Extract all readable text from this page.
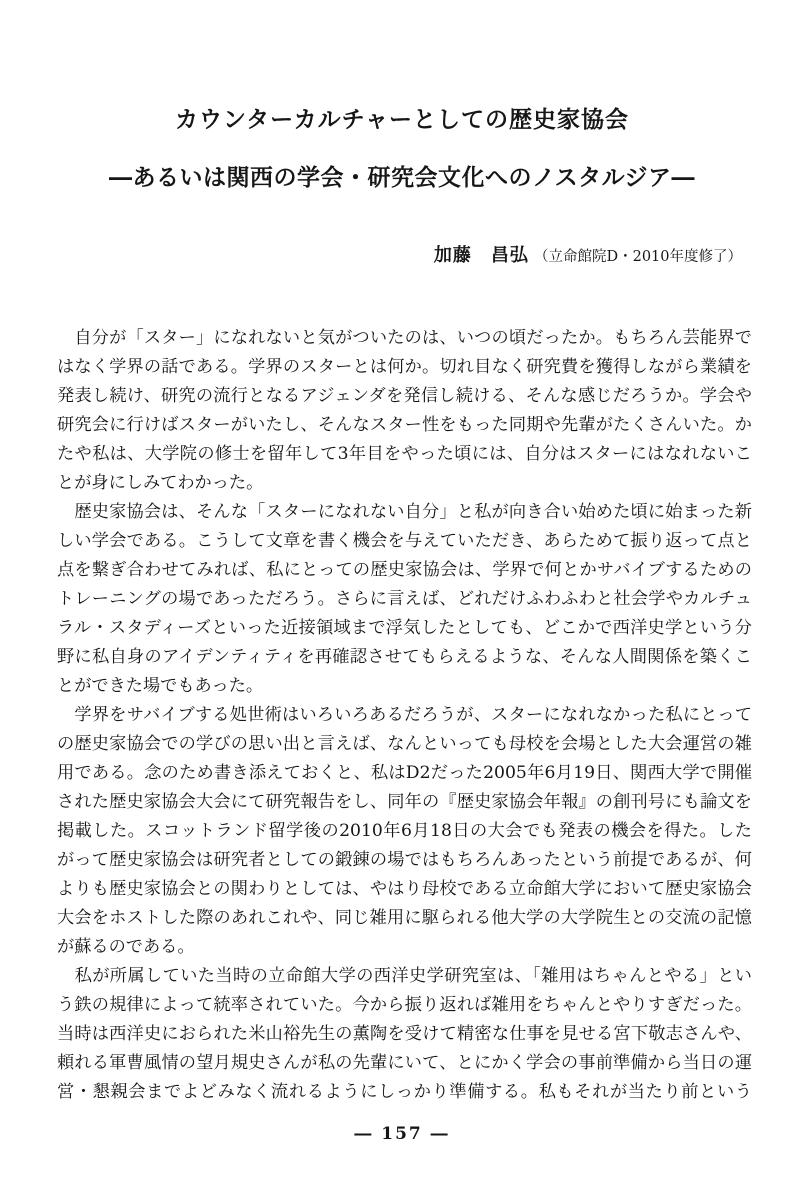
カウンターカルチャーとしての歴史家協会
―あるいは関西の学会・研究会文化へのノスタルジア―
加藤　昌弘 （立命館院D・2010年度修了）
　自分が「スター」になれないと気がついたのは、いつの頃だったか。もちろん芸能界で
はなく学界の話である。学界のスターとは何か。切れ目なく研究費を獲得しながら業績を
発表し続け、研究の流行となるアジェンダを発信し続ける、そんな感じだろうか。学会や
研究会に行けばスターがいたし、そんなスター性をもった同期や先輩がたくさんいた。か
たや私は、大学院の修士を留年して3年目をやった頃には、自分はスターにはなれないこ
とが身にしみてわかった。
　歴史家協会は、そんな「スターになれない自分」と私が向き合い始めた頃に始まった新
しい学会である。こうして文章を書く機会を与えていただき、あらためて振り返って点と
点を繋ぎ合わせてみれば、私にとっての歴史家協会は、学界で何とかサバイブするための
トレーニングの場であっただろう。さらに言えば、どれだけふわふわと社会学やカルチュ
ラル・スタディーズといった近接領域まで浮気したとしても、どこかで西洋史学という分
野に私自身のアイデンティティを再確認させてもらえるような、そんな人間関係を築くこ
とができた場でもあった。
　学界をサバイブする処世術はいろいろあるだろうが、スターになれなかった私にとって
の歴史家協会での学びの思い出と言えば、なんといっても母校を会場とした大会運営の雑
用である。念のため書き添えておくと、私はD2だった2005年6月19日、関西大学で開催
された歴史家協会大会にて研究報告をし、同年の『歴史家協会年報』の創刊号にも論文を
掲載した。スコットランド留学後の2010年6月18日の大会でも発表の機会を得た。した
がって歴史家協会は研究者としての鍛錬の場ではもちろんあったという前提であるが、何
よりも歴史家協会との関わりとしては、やはり母校である立命館大学において歴史家協会
大会をホストした際のあれこれや、同じ雑用に駆られる他大学の大学院生との交流の記憶
が蘇るのである。
　私が所属していた当時の立命館大学の西洋史学研究室は、「雑用はちゃんとやる」とい
う鉄の規律によって統率されていた。今から振り返れば雑用をちゃんとやりすぎだった。
当時は西洋史におられた米山裕先生の薫陶を受けて精密な仕事を見せる宮下敬志さんや、
頼れる軍曹風情の望月規史さんが私の先輩にいて、とにかく学会の事前準備から当日の運
営・懇親会までよどみなく流れるようにしっかり準備する。私もそれが当たり前という
― 157 ―
